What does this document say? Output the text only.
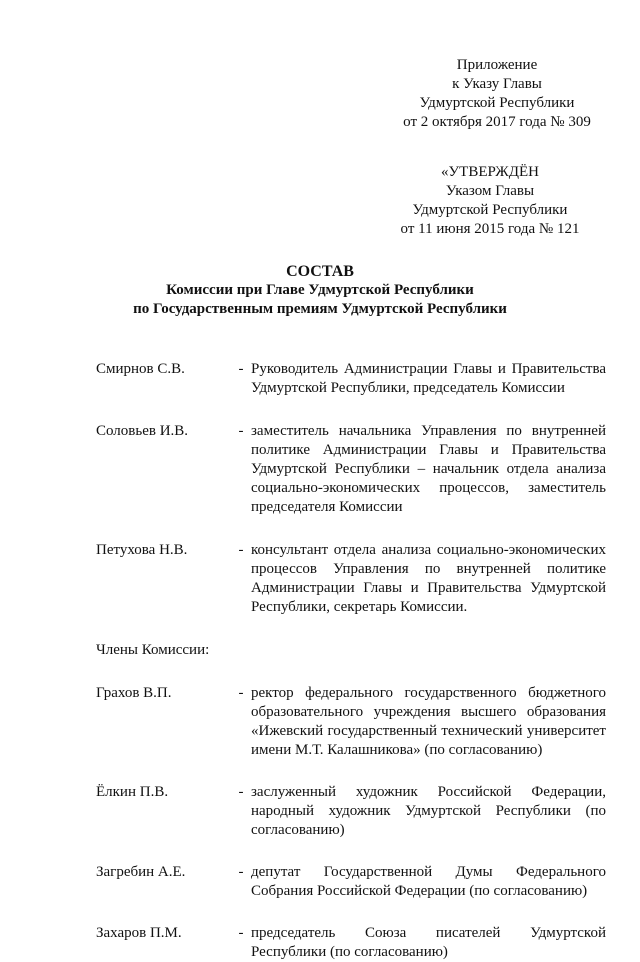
Приложение
к Указу Главы
Удмуртской Республики
от 2 октября 2017 года № 309
«УТВЕРЖДЁН
Указом Главы
Удмуртской Республики
от 11 июня 2015 года № 121
СОСТАВ
Комиссии при Главе Удмуртской Республики
по Государственным премиям Удмуртской Республики
Смирнов С.В.	- Руководитель Администрации Главы и Правительства Удмуртской Республики, председатель Комиссии
Соловьев И.В.	- заместитель начальника Управления по внутренней политике Администрации Главы и Правительства Удмуртской Республики – начальник отдела анализа социально-экономических процессов, заместитель председателя Комиссии
Петухова Н.В.	- консультант отдела анализа социально-экономических процессов Управления по внутренней политике Администрации Главы и Правительства Удмуртской Республики, секретарь Комиссии.
Члены Комиссии:
Грахов В.П.	- ректор федерального государственного бюджетного образовательного учреждения высшего образования «Ижевский государственный технический университет имени М.Т. Калашникова» (по согласованию)
Ёлкин П.В.	- заслуженный художник Российской Федерации, народный художник Удмуртской Республики (по согласованию)
Загребин А.Е.	- депутат Государственной Думы Федерального Собрания Российской Федерации (по согласованию)
Захаров П.М.	- председатель Союза писателей Удмуртской Республики (по согласованию)
